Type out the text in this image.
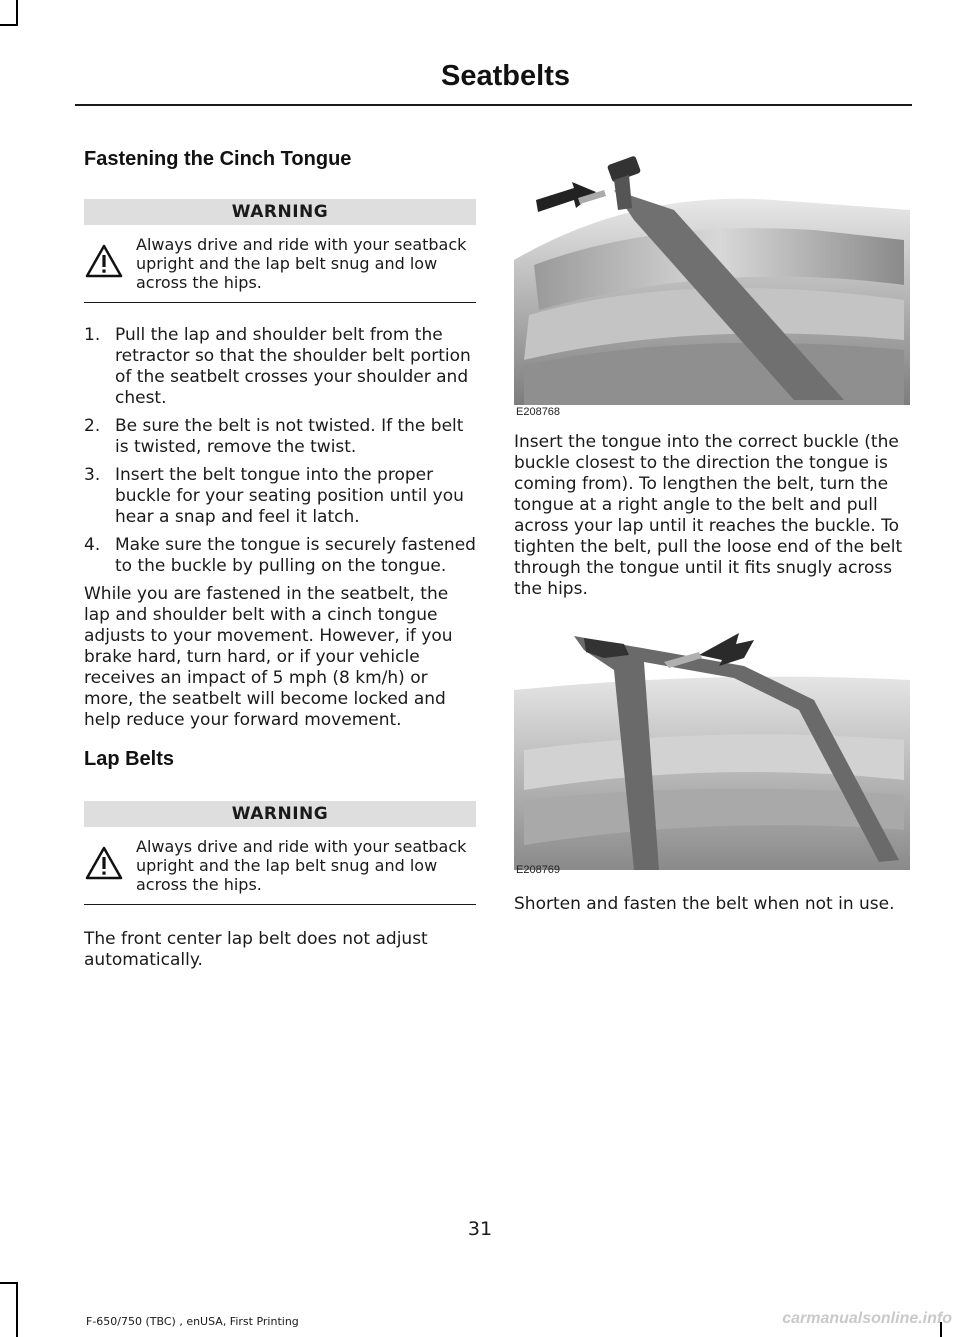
Seatbelts
Fastening the Cinch Tongue
WARNING
Always drive and ride with your seatback upright and the lap belt snug and low across the hips.
1. Pull the lap and shoulder belt from the retractor so that the shoulder belt portion of the seatbelt crosses your shoulder and chest.
2. Be sure the belt is not twisted. If the belt is twisted, remove the twist.
3. Insert the belt tongue into the proper buckle for your seating position until you hear a snap and feel it latch.
4. Make sure the tongue is securely fastened to the buckle by pulling on the tongue.

While you are fastened in the seatbelt, the lap and shoulder belt with a cinch tongue adjusts to your movement. However, if you brake hard, turn hard, or if your vehicle receives an impact of 5 mph (8 km/h) or more, the seatbelt will become locked and help reduce your forward movement.

Lap Belts
WARNING
Always drive and ride with your seatback upright and the lap belt snug and low across the hips.

The front center lap belt does not adjust automatically.

E208768

Insert the tongue into the correct buckle (the buckle closest to the direction the tongue is coming from). To lengthen the belt, turn the tongue at a right angle to the belt and pull across your lap until it reaches the buckle. To tighten the belt, pull the loose end of the belt through the tongue until it fits snugly across the hips.

E208769

Shorten and fasten the belt when not in use.

31
F-650/750 (TBC) , enUSA, First Printing	carmanualsonline.info
